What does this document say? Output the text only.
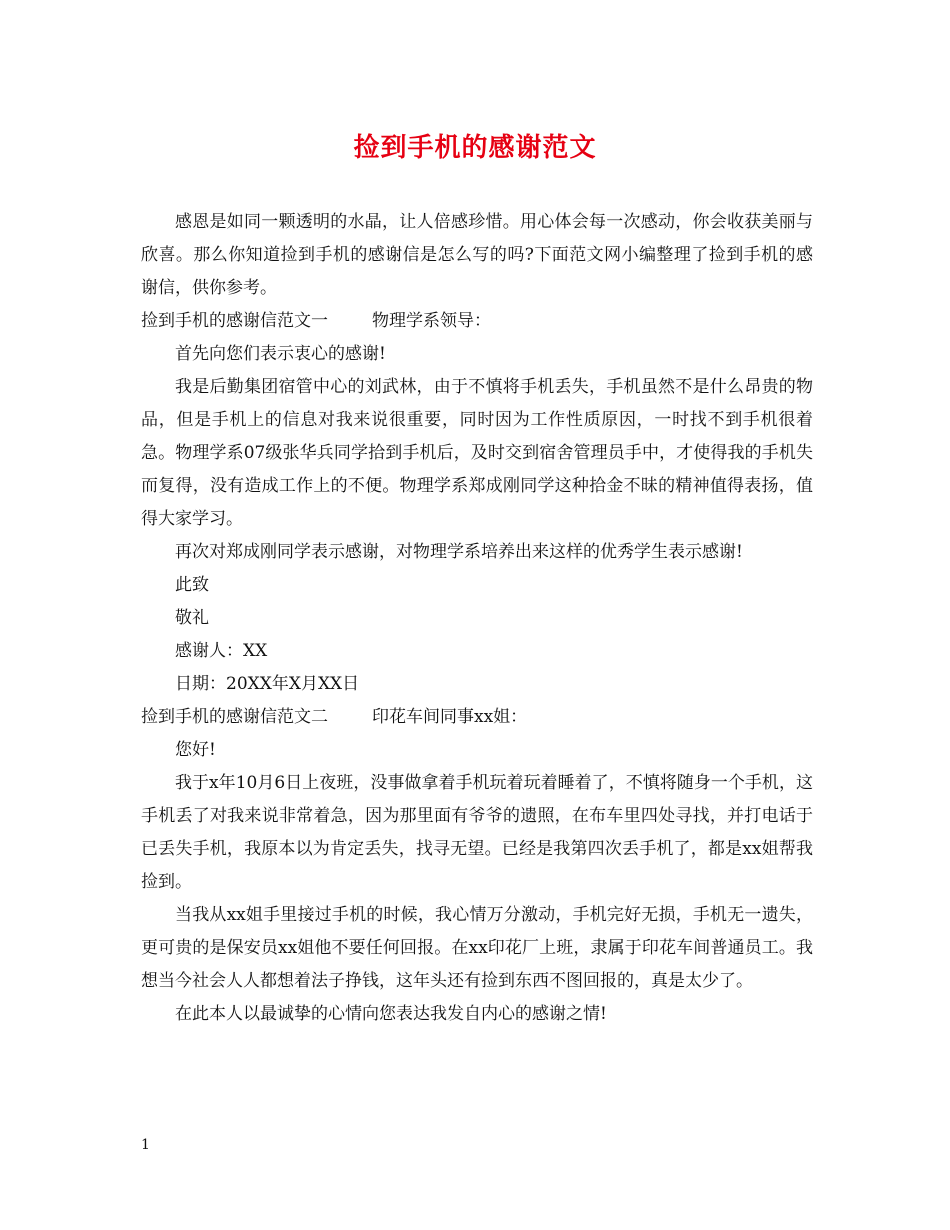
捡到手机的感谢范文
感恩是如同一颗透明的水晶，让人倍感珍惜。用心体会每一次感动，你会收获美丽与欣喜。那么你知道捡到手机的感谢信是怎么写的吗?下面范文网小编整理了捡到手机的感谢信，供你参考。
捡到手机的感谢信范文一	物理学系领导：
首先向您们表示衷心的感谢!
我是后勤集团宿管中心的刘武林，由于不慎将手机丢失，手机虽然不是什么昂贵的物品，但是手机上的信息对我来说很重要，同时因为工作性质原因，一时找不到手机很着急。物理学系07级张华兵同学拾到手机后，及时交到宿舍管理员手中，才使得我的手机失而复得，没有造成工作上的不便。物理学系郑成刚同学这种拾金不昧的精神值得表扬，值得大家学习。
再次对郑成刚同学表示感谢，对物理学系培养出来这样的优秀学生表示感谢!
此致
敬礼
感谢人：XX
日期：20XX年X月XX日
捡到手机的感谢信范文二	印花车间同事xx姐：
您好!
我于x年10月6日上夜班，没事做拿着手机玩着玩着睡着了，不慎将随身一个手机，这手机丢了对我来说非常着急，因为那里面有爷爷的遗照，在布车里四处寻找，并打电话于已丢失手机，我原本以为肯定丢失，找寻无望。已经是我第四次丢手机了，都是xx姐帮我捡到。
当我从xx姐手里接过手机的时候，我心情万分激动，手机完好无损，手机无一遗失，更可贵的是保安员xx姐他不要任何回报。在xx印花厂上班，隶属于印花车间普通员工。我想当今社会人人都想着法子挣钱，这年头还有捡到东西不图回报的，真是太少了。
在此本人以最诚挚的心情向您表达我发自内心的感谢之情!
1
